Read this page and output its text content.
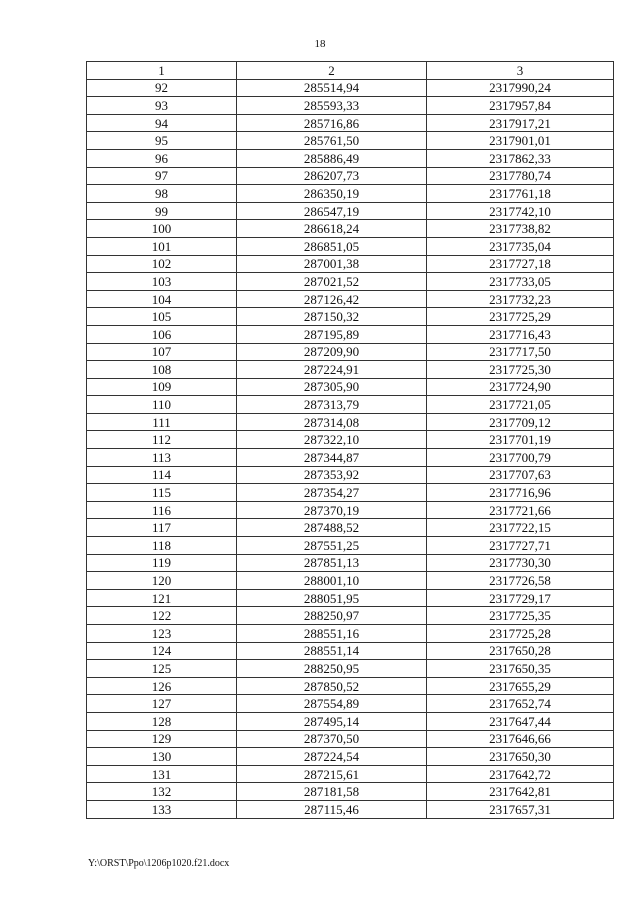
18
1	2	3
92	285514,94	2317990,24
93	285593,33	2317957,84
94	285716,86	2317917,21
95	285761,50	2317901,01
96	285886,49	2317862,33
97	286207,73	2317780,74
98	286350,19	2317761,18
99	286547,19	2317742,10
100	286618,24	2317738,82
101	286851,05	2317735,04
102	287001,38	2317727,18
103	287021,52	2317733,05
104	287126,42	2317732,23
105	287150,32	2317725,29
106	287195,89	2317716,43
107	287209,90	2317717,50
108	287224,91	2317725,30
109	287305,90	2317724,90
110	287313,79	2317721,05
111	287314,08	2317709,12
112	287322,10	2317701,19
113	287344,87	2317700,79
114	287353,92	2317707,63
115	287354,27	2317716,96
116	287370,19	2317721,66
117	287488,52	2317722,15
118	287551,25	2317727,71
119	287851,13	2317730,30
120	288001,10	2317726,58
121	288051,95	2317729,17
122	288250,97	2317725,35
123	288551,16	2317725,28
124	288551,14	2317650,28
125	288250,95	2317650,35
126	287850,52	2317655,29
127	287554,89	2317652,74
128	287495,14	2317647,44
129	287370,50	2317646,66
130	287224,54	2317650,30
131	287215,61	2317642,72
132	287181,58	2317642,81
133	287115,46	2317657,31
Y:\ORST\Ppo\1206p1020.f21.docx
